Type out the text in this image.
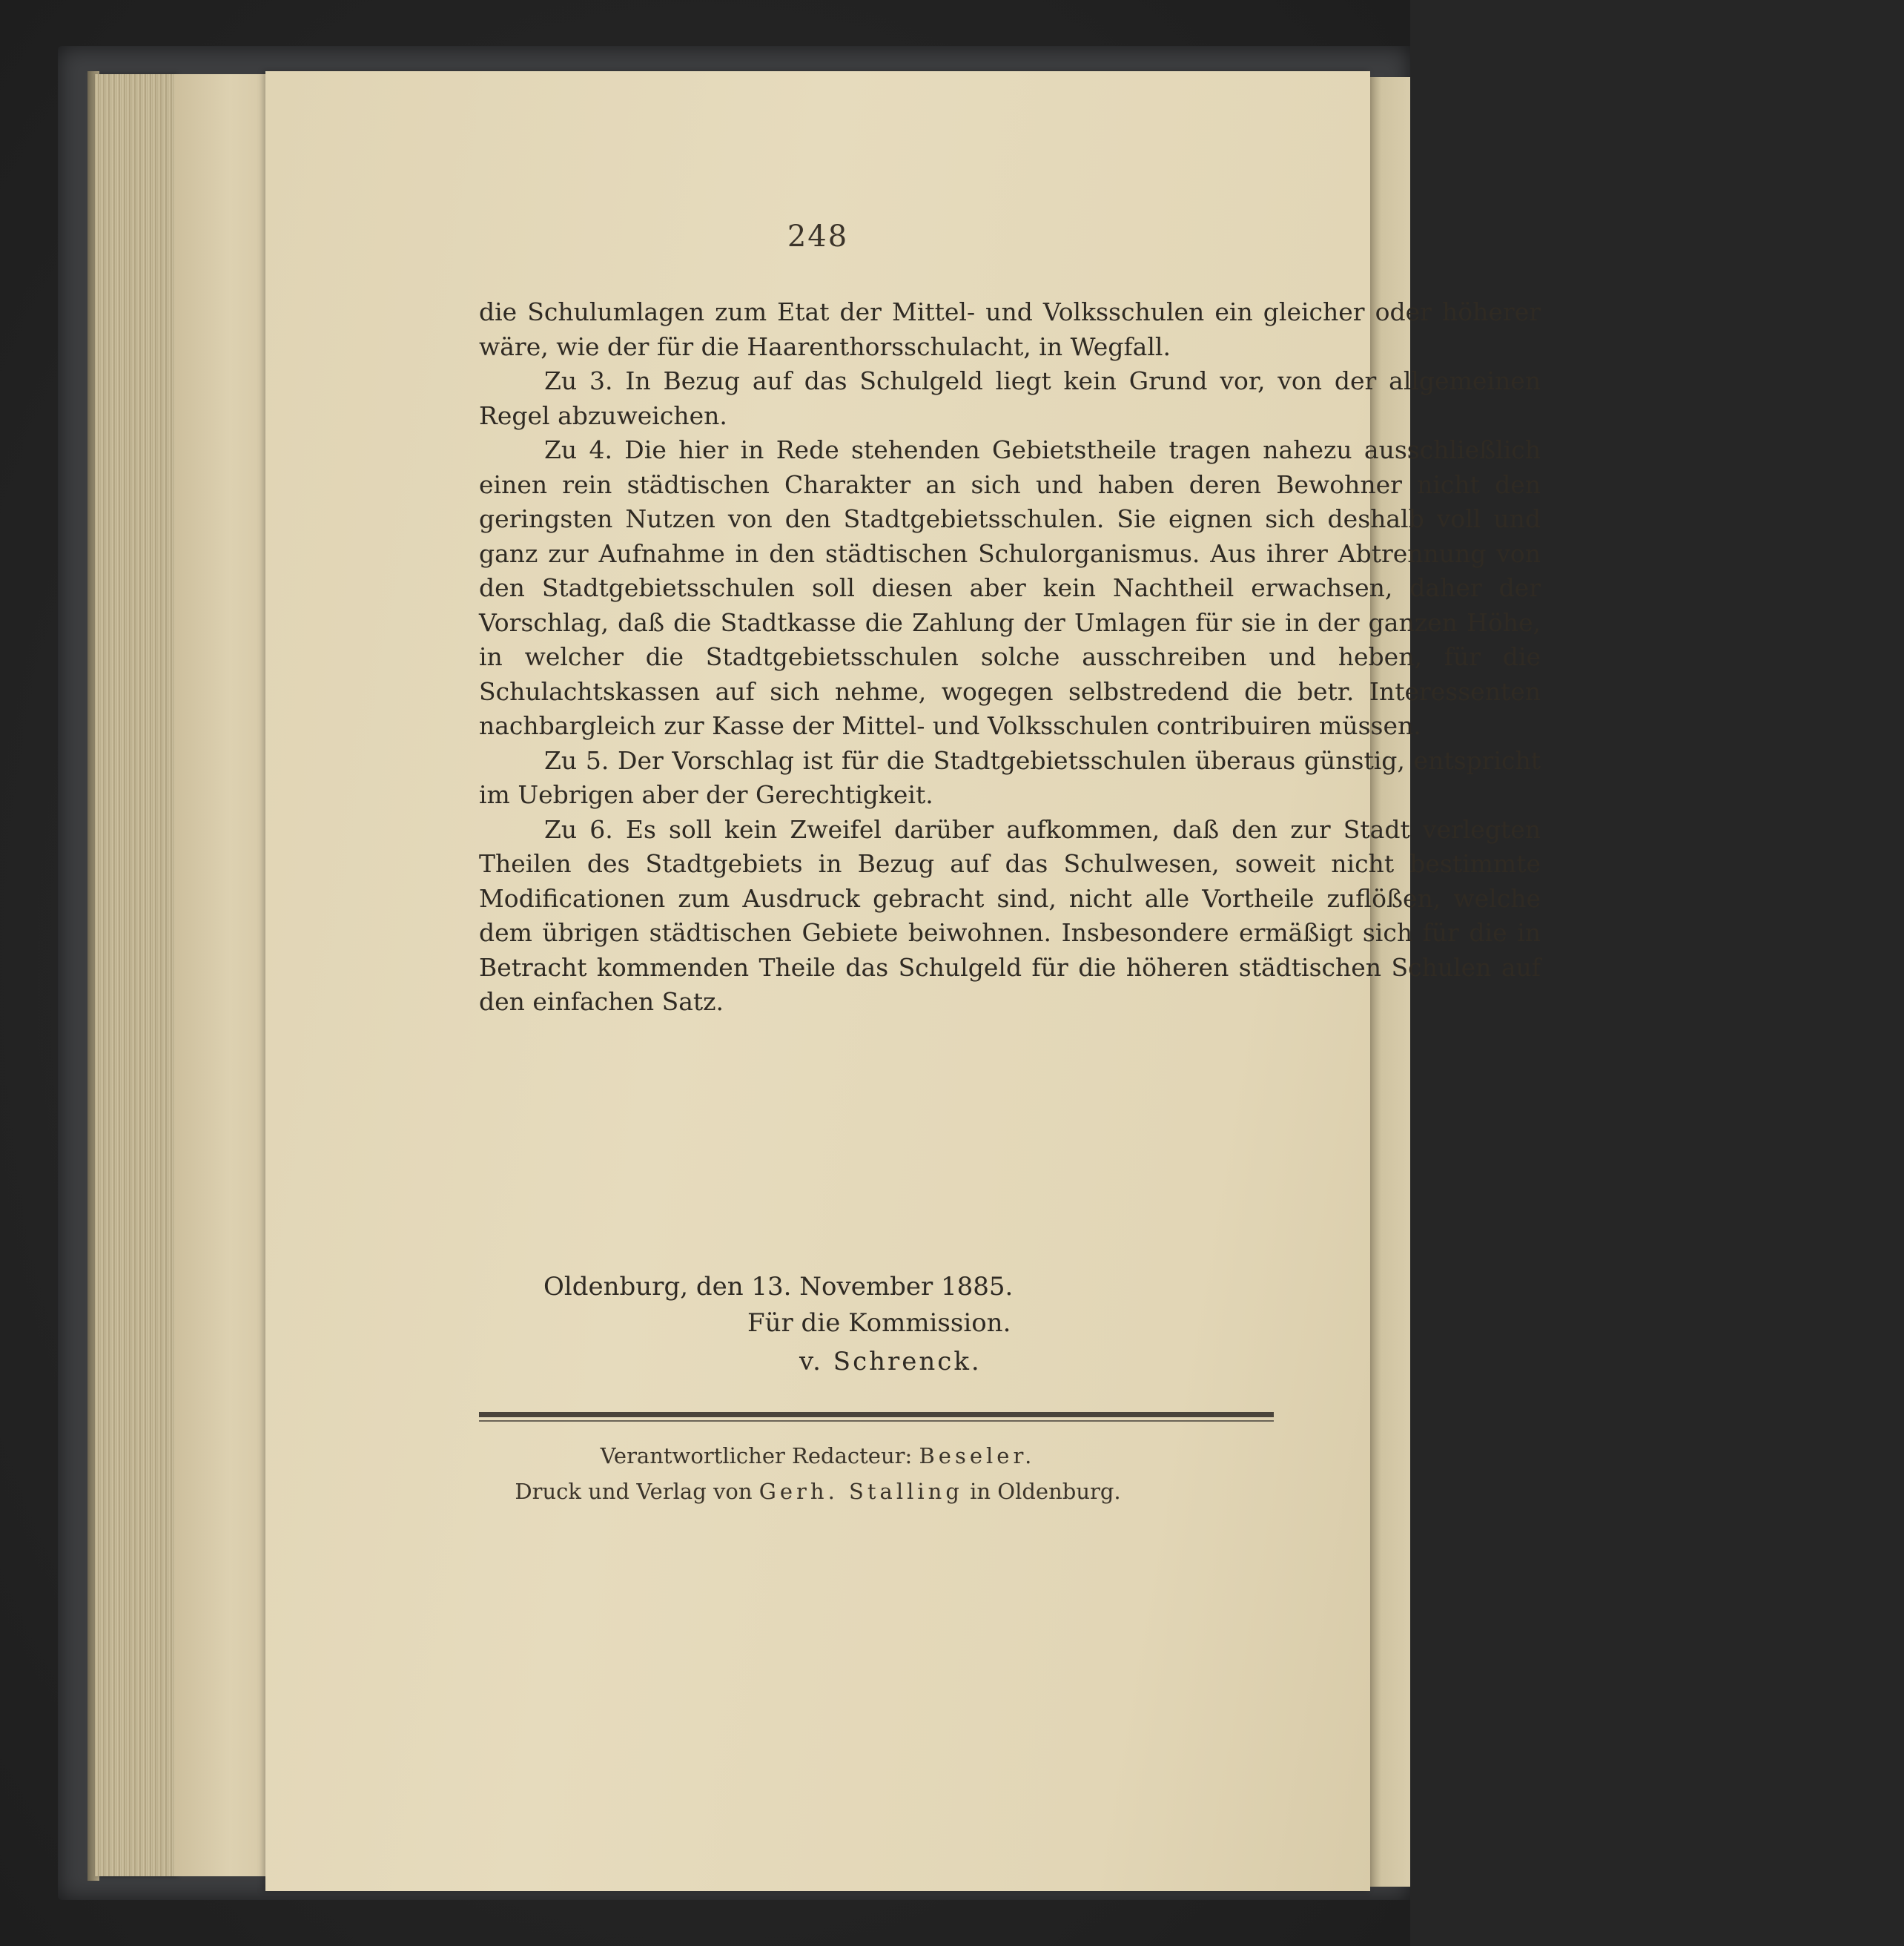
248

die Schulumlagen zum Etat der Mittel- und Volksschulen ein gleicher oder höherer wäre, wie der für die Haarenthorsschulacht, in Wegfall.

Zu 3. In Bezug auf das Schulgeld liegt kein Grund vor, von der allgemeinen Regel abzuweichen.

Zu 4. Die hier in Rede stehenden Gebietstheile tragen nahezu ausschließlich einen rein städtischen Charakter an sich und haben deren Bewohner nicht den geringsten Nutzen von den Stadtgebietsschulen. Sie eignen sich deshalb voll und ganz zur Aufnahme in den städtischen Schulorganismus. Aus ihrer Abtrennung von den Stadtgebietsschulen soll diesen aber kein Nachtheil erwachsen, daher der Vorschlag, daß die Stadtkasse die Zahlung der Umlagen für sie in der ganzen Höhe, in welcher die Stadtgebietsschulen solche ausschreiben und heben, für die Schulachtskassen auf sich nehme, wogegen selbstredend die betr. Interessenten nachbargleich zur Kasse der Mittel- und Volksschulen contribuiren müssen.

Zu 5. Der Vorschlag ist für die Stadtgebietsschulen überaus günstig, entspricht im Uebrigen aber der Gerechtigkeit.

Zu 6. Es soll kein Zweifel darüber aufkommen, daß den zur Stadt verlegten Theilen des Stadtgebiets in Bezug auf das Schulwesen, soweit nicht bestimmte Modificationen zum Ausdruck gebracht sind, nicht alle Vortheile zuflößen, welche dem übrigen städtischen Gebiete beiwohnen. Insbesondere ermäßigt sich für die in Betracht kommenden Theile das Schulgeld für die höheren städtischen Schulen auf den einfachen Satz.

Oldenburg, den 13. November 1885.
Für die Kommission.
v. Schrenck.
Verantwortlicher Redacteur: Beseler.
Druck und Verlag von Gerh. Stalling in Oldenburg.
